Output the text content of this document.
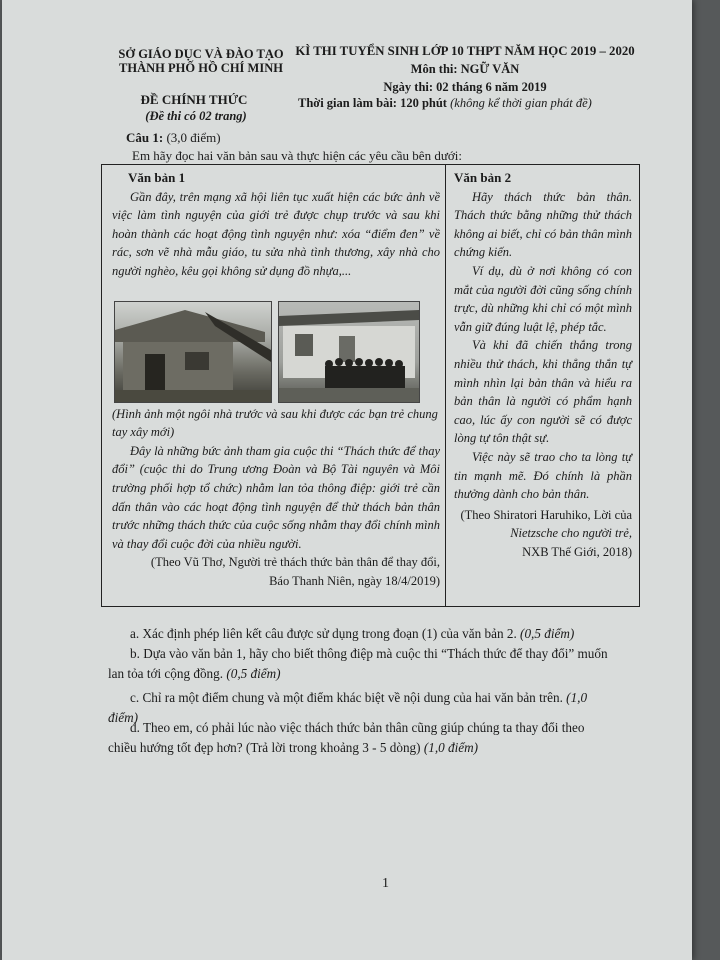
SỞ GIÁO DỤC VÀ ĐÀO TẠO
THÀNH PHỐ HỒ CHÍ MINH
KÌ THI TUYỂN SINH LỚP 10 THPT NĂM HỌC 2019 – 2020
Môn thi: NGỮ VĂN
Ngày thi: 02 tháng 6 năm 2019
Thời gian làm bài: 120 phút (không kể thời gian phát đề)
ĐỀ CHÍNH THỨC
(Đề thi có 02 trang)
Câu 1: (3,0 điểm)
Em hãy đọc hai văn bản sau và thực hiện các yêu cầu bên dưới:
Văn bản 1

Gần đây, trên mạng xã hội liên tục xuất hiện các bức ảnh về việc làm tình nguyện của giới trẻ được chụp trước và sau khi hoàn thành các hoạt động tình nguyện như: xóa “điểm đen” về rác, sơn vẽ nhà mẫu giáo, tu sửa nhà tình thương, xây nhà cho người nghèo, kêu gọi không sử dụng đồ nhựa,...

(Hình ảnh một ngôi nhà trước và sau khi được các bạn trẻ chung tay xây mới)

Đây là những bức ảnh tham gia cuộc thi “Thách thức để thay đổi” (cuộc thi do Trung ương Đoàn và Bộ Tài nguyên và Môi trường phối hợp tổ chức) nhằm lan tỏa thông điệp: giới trẻ cần dấn thân vào các hoạt động tình nguyện để thử thách bản thân trước những thách thức của cuộc sống nhằm thay đổi chính mình và thay đổi cuộc đời của nhiều người.

(Theo Vũ Thơ, Người trẻ thách thức bản thân để thay đổi,
Báo Thanh Niên, ngày 18/4/2019)

Văn bản 2

Hãy thách thức bản thân. Thách thức bằng những thử thách không ai biết, chỉ có bản thân mình chứng kiến.

Ví dụ, dù ở nơi không có con mắt của người đời cũng sống chính trực, dù những khi chỉ có một mình vẫn giữ đúng luật lệ, phép tắc.

Và khi đã chiến thắng trong nhiều thử thách, khi thẳng thắn tự mình nhìn lại bản thân và hiểu ra bản thân là người có phẩm hạnh cao, lúc ấy con người sẽ có được lòng tự tôn thật sự.

Việc này sẽ trao cho ta lòng tự tin mạnh mẽ. Đó chính là phần thưởng dành cho bản thân.

(Theo Shiratori Haruhiko, Lời của
Nietzsche cho người trẻ,
NXB Thế Giới, 2018)

a. Xác định phép liên kết câu được sử dụng trong đoạn (1) của văn bản 2. (0,5 điểm)
b. Dựa vào văn bản 1, hãy cho biết thông điệp mà cuộc thi “Thách thức để thay đổi” muốn
lan tỏa tới cộng đồng. (0,5 điểm)
c. Chỉ ra một điểm chung và một điểm khác biệt về nội dung của hai văn bản trên. (1,0
điểm)
d. Theo em, có phải lúc nào việc thách thức bản thân cũng giúp chúng ta thay đổi theo
chiều hướng tốt đẹp hơn? (Trả lời trong khoảng 3 - 5 dòng) (1,0 điểm)
1
